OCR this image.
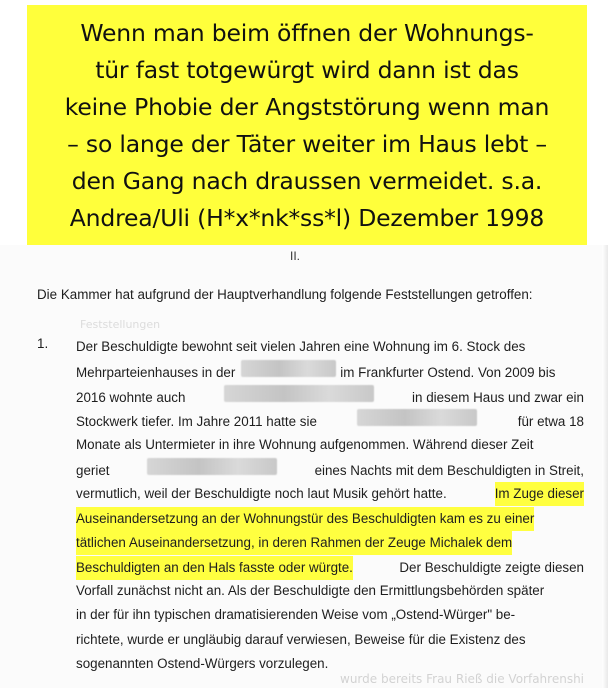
Wenn man beim öffnen der Wohnungs-
tür fast totgewürgt wird dann ist das
keine Phobie der Angststörung wenn man
– so lange der Täter weiter im Haus lebt –
den Gang nach draussen vermeidet. s.a.
Andrea/Uli (H*x*nk*ss*l) Dezember 1998
II.
Die Kammer hat aufgrund der Hauptverhandlung folgende Feststellungen getroffen:
Feststellungen
1. Der Beschuldigte bewohnt seit vielen Jahren eine Wohnung im 6. Stock des
Mehrparteienhauses in der	im Frankfurter Ostend. Von 2009 bis
2016 wohnte auch	in diesem Haus und zwar ein
Stockwerk tiefer. Im Jahre 2011 hatte sie	für etwa 18
Monate als Untermieter in ihre Wohnung aufgenommen. Während dieser Zeit
geriet	eines Nachts mit dem Beschuldigten in Streit,
vermutlich, weil der Beschuldigte noch laut Musik gehört hatte.	Im Zuge dieser
Auseinandersetzung an der Wohnungstür des Beschuldigten kam es zu einer
tätlichen Auseinandersetzung, in deren Rahmen der Zeuge Michalek dem
Beschuldigten an den Hals fasste oder würgte.	Der Beschuldigte zeigte diesen
Vorfall zunächst nicht an. Als der Beschuldigte den Ermittlungsbehörden später
in der für ihn typischen dramatisierenden Weise vom „Ostend-Würger" be-
richtete, wurde er ungläubig darauf verwiesen, Beweise für die Existenz des
sogenannten Ostend-Würgers vorzulegen.
wurde bereits Frau Rieß die Vorfahrenshi
